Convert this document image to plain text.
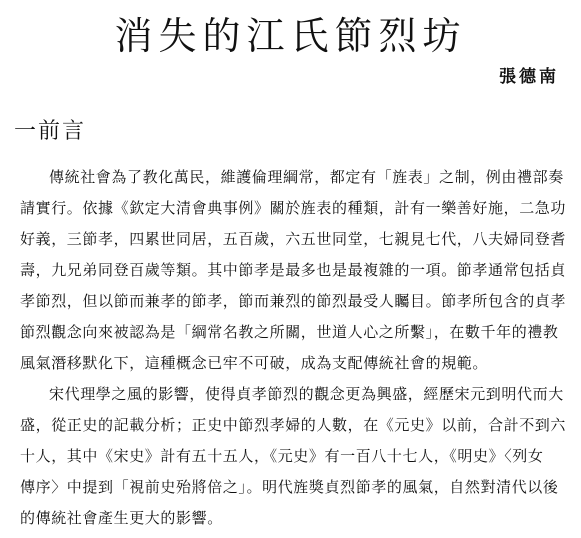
消失的江氏節烈坊
張德南
一前言
傳統社會為了教化萬民，維護倫理綱常，都定有「旌表」之制，例由禮部奏
請實行。依據《欽定大清會典事例》關於旌表的種類，計有一樂善好施，二急功
好義，三節孝，四累世同居，五百歲，六五世同堂，七親見七代，八夫婦同登耆
壽，九兄弟同登百歲等類。其中節孝是最多也是最複雜的一項。節孝通常包括貞
孝節烈，但以節而兼孝的節孝，節而兼烈的節烈最受人矚目。節孝所包含的貞孝
節烈觀念向來被認為是「綱常名教之所關，世道人心之所繫」，在數千年的禮教
風氣潛移默化下，這種概念已牢不可破，成為支配傳統社會的規範。
宋代理學之風的影響，使得貞孝節烈的觀念更為興盛，經歷宋元到明代而大
盛，從正史的記載分析；正史中節烈孝婦的人數，在《元史》以前，合計不到六
十人，其中《宋史》計有五十五人，《元史》有一百八十七人，《明史》〈列女
傳序〉中提到「視前史殆將倍之」。明代旌獎貞烈節孝的風氣，自然對清代以後
的傳統社會產生更大的影響。
